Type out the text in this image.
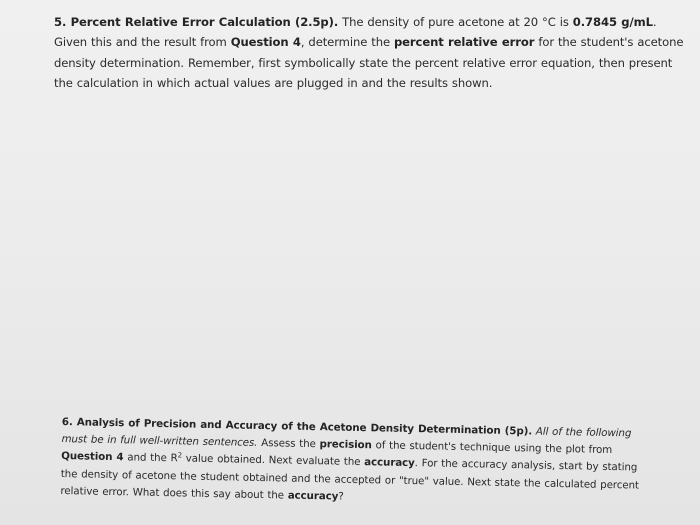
5. Percent Relative Error Calculation (2.5p). The density of pure acetone at 20 °C is 0.7845 g/mL. Given this and the result from Question 4, determine the percent relative error for the student's acetone density determination. Remember, first symbolically state the percent relative error equation, then present the calculation in which actual values are plugged in and the results shown.

6. Analysis of Precision and Accuracy of the Acetone Density Determination (5p). All of the following must be in full well-written sentences. Assess the precision of the student's technique using the plot from Question 4 and the $R^2$ value obtained. Next evaluate the accuracy. For the accuracy analysis, start by stating the density of acetone the student obtained and the accepted or "true" value. Next state the calculated percent relative error. What does this say about the accuracy?
